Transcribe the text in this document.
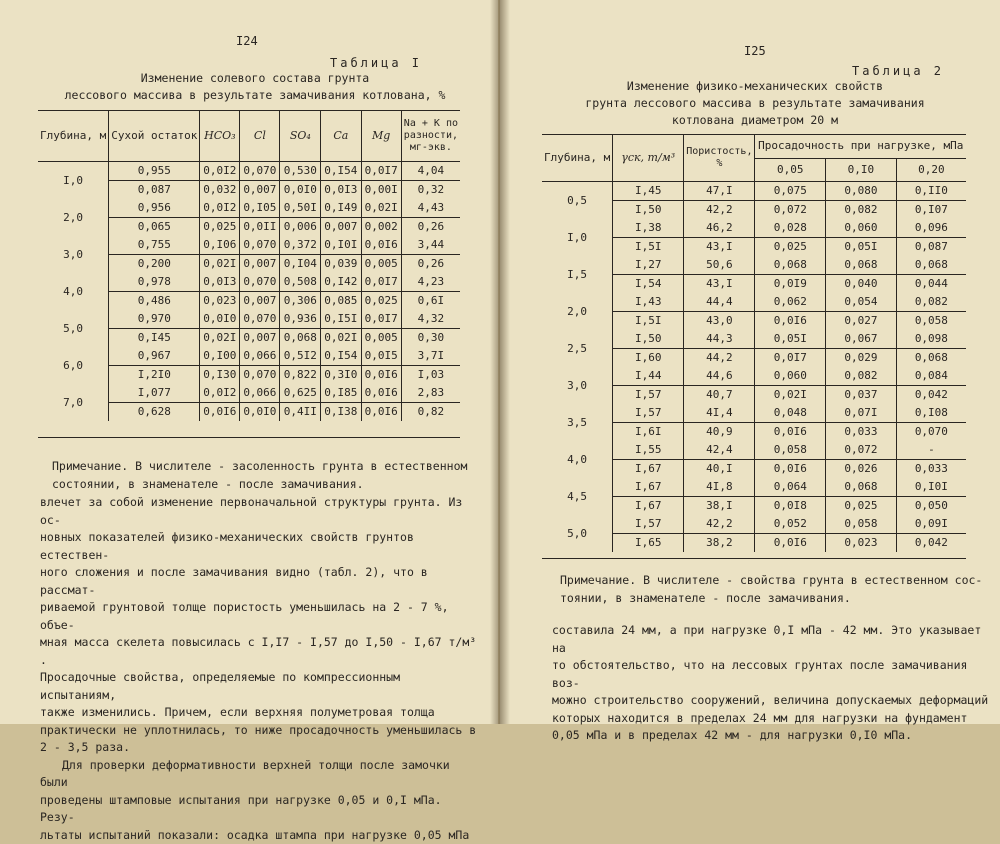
I24
Таблица I
Изменение солевого состава грунта
лессового массива в результате замачивания котлована, %
Глубина, м	Сухой остаток	HCO₃	Cl	SO₄	Ca	Mg	Na + K по разности, мг-экв.
I,0	0,955	0,0I2	0,070	0,530	0,I54	0,0I7	4,04
	0,087	0,032	0,007	0,0I0	0,0I3	0,00I	0,32
2,0	0,956	0,0I2	0,I05	0,50I	0,I49	0,02I	4,43
	0,065	0,025	0,0II	0,006	0,007	0,002	0,26
3,0	0,755	0,I06	0,070	0,372	0,I0I	0,0I6	3,44
	0,200	0,02I	0,007	0,I04	0,039	0,005	0,26
4,0	0,978	0,0I3	0,070	0,508	0,I42	0,0I7	4,23
	0,486	0,023	0,007	0,306	0,085	0,025	0,6I
5,0	0,970	0,0I0	0,070	0,936	0,I5I	0,0I7	4,32
	0,I45	0,02I	0,007	0,068	0,02I	0,005	0,30
6,0	0,967	0,I00	0,066	0,5I2	0,I54	0,0I5	3,7I
	I,2I0	0,I30	0,070	0,822	0,3I0	0,0I6	I,03
7,0	I,077	0,0I2	0,066	0,625	0,I85	0,0I6	2,83
	0,628	0,0I6	0,0I0	0,4II	0,I38	0,0I6	0,82

Примечание. В числителе - засоленность грунта в естественном

состоянии, в знаменателе - после замачивания.

влечет за собой изменение первоначальной структуры грунта. Из ос-

новных показателей физико-механических свойств грунтов естествен-

ного сложения и после замачивания видно (табл. 2), что в рассмат-

риваемой грунтовой толще пористость уменьшилась на 2 - 7 %, объе-

мная масса скелета повысилась с I,I7 - I,57 до I,50 - I,67 т/м³ .

Просадочные свойства, определяемые по компрессионным испытаниям,

также изменились. Причем, если верхняя полуметровая толща

практически не уплотнилась, то ниже просадочность уменьшилась в

2 - 3,5 раза.

Для проверки деформативности верхней толщи после замочки были

проведены штамповые испытания при нагрузке 0,05 и 0,I мПа. Резу-

льтаты испытаний показали: осадка штампа при нагрузке 0,05 мПа

I25
Таблица 2
Изменение физико-механических свойств
грунта лессового массива в результате замачивания
котлована диаметром 20 м
Глубина, м	γск, т/м³	Пористость, %	Просадочность при нагрузке, мПа		
			0,05	0,I0	0,20
0,5	I,45	47,I	0,075	0,080	0,II0
	I,50	42,2	0,072	0,082	0,I07
I,0	I,38	46,2	0,028	0,060	0,096
	I,5I	43,I	0,025	0,05I	0,087
I,5	I,27	50,6	0,068	0,068	0,068
	I,54	43,I	0,0I9	0,040	0,044
2,0	I,43	44,4	0,062	0,054	0,082
	I,5I	43,0	0,0I6	0,027	0,058
2,5	I,50	44,3	0,05I	0,067	0,098
	I,60	44,2	0,0I7	0,029	0,068
3,0	I,44	44,6	0,060	0,082	0,084
	I,57	40,7	0,02I	0,037	0,042
3,5	I,57	4I,4	0,048	0,07I	0,I08
	I,6I	40,9	0,0I6	0,033	0,070
4,0	I,55	42,4	0,058	0,072	-
	I,67	40,I	0,0I6	0,026	0,033
4,5	I,67	4I,8	0,064	0,068	0,I0I
	I,67	38,I	0,0I8	0,025	0,050
5,0	I,57	42,2	0,052	0,058	0,09I
	I,65	38,2	0,0I6	0,023	0,042

Примечание. В числителе - свойства грунта в естественном сос-

тоянии, в знаменателе - после замачивания.

составила 24 мм, а при нагрузке 0,I мПа - 42 мм. Это указывает на

то обстоятельство, что на лессовых грунтах после замачивания воз-

можно строительство сооружений, величина допускаемых деформаций

которых находится в пределах 24 мм для нагрузки на фундамент

0,05 мПа и в пределах 42 мм - для нагрузки 0,I0 мПа.
